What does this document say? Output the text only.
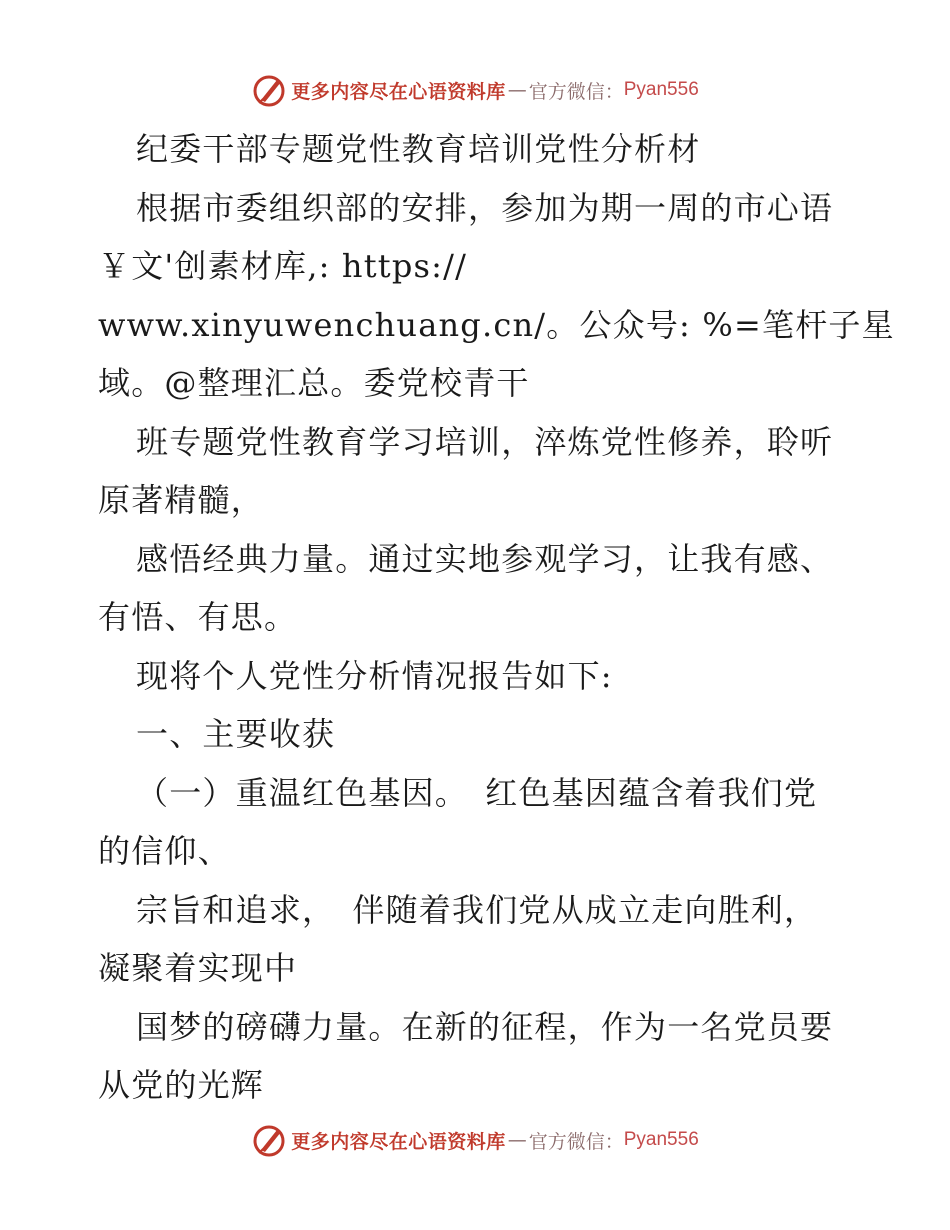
更多内容尽在心语资料库 — 官方微信： Pyan556
纪委干部专题党性教育培训党性分析材
根据市委组织部的安排，参加为期一周的市心语
￥文'创素材库,: https://
www.xinyuwenchuang.cn/。公众号: %=笔杆子星
域。@整理汇总。委党校青干
班专题党性教育学习培训，淬炼党性修养，聆听
原著精髓，
感悟经典力量。通过实地参观学习，让我有感、
有悟、有思。
现将个人党性分析情况报告如下:
一、主要收获
（一）重温红色基因。　红色基因蕴含着我们党
的信仰、
宗旨和追求，　伴随着我们党从成立走向胜利，
凝聚着实现中
国梦的磅礴力量。在新的征程，作为一名党员要
从党的光辉
更多内容尽在心语资料库 — 官方微信： Pyan556
